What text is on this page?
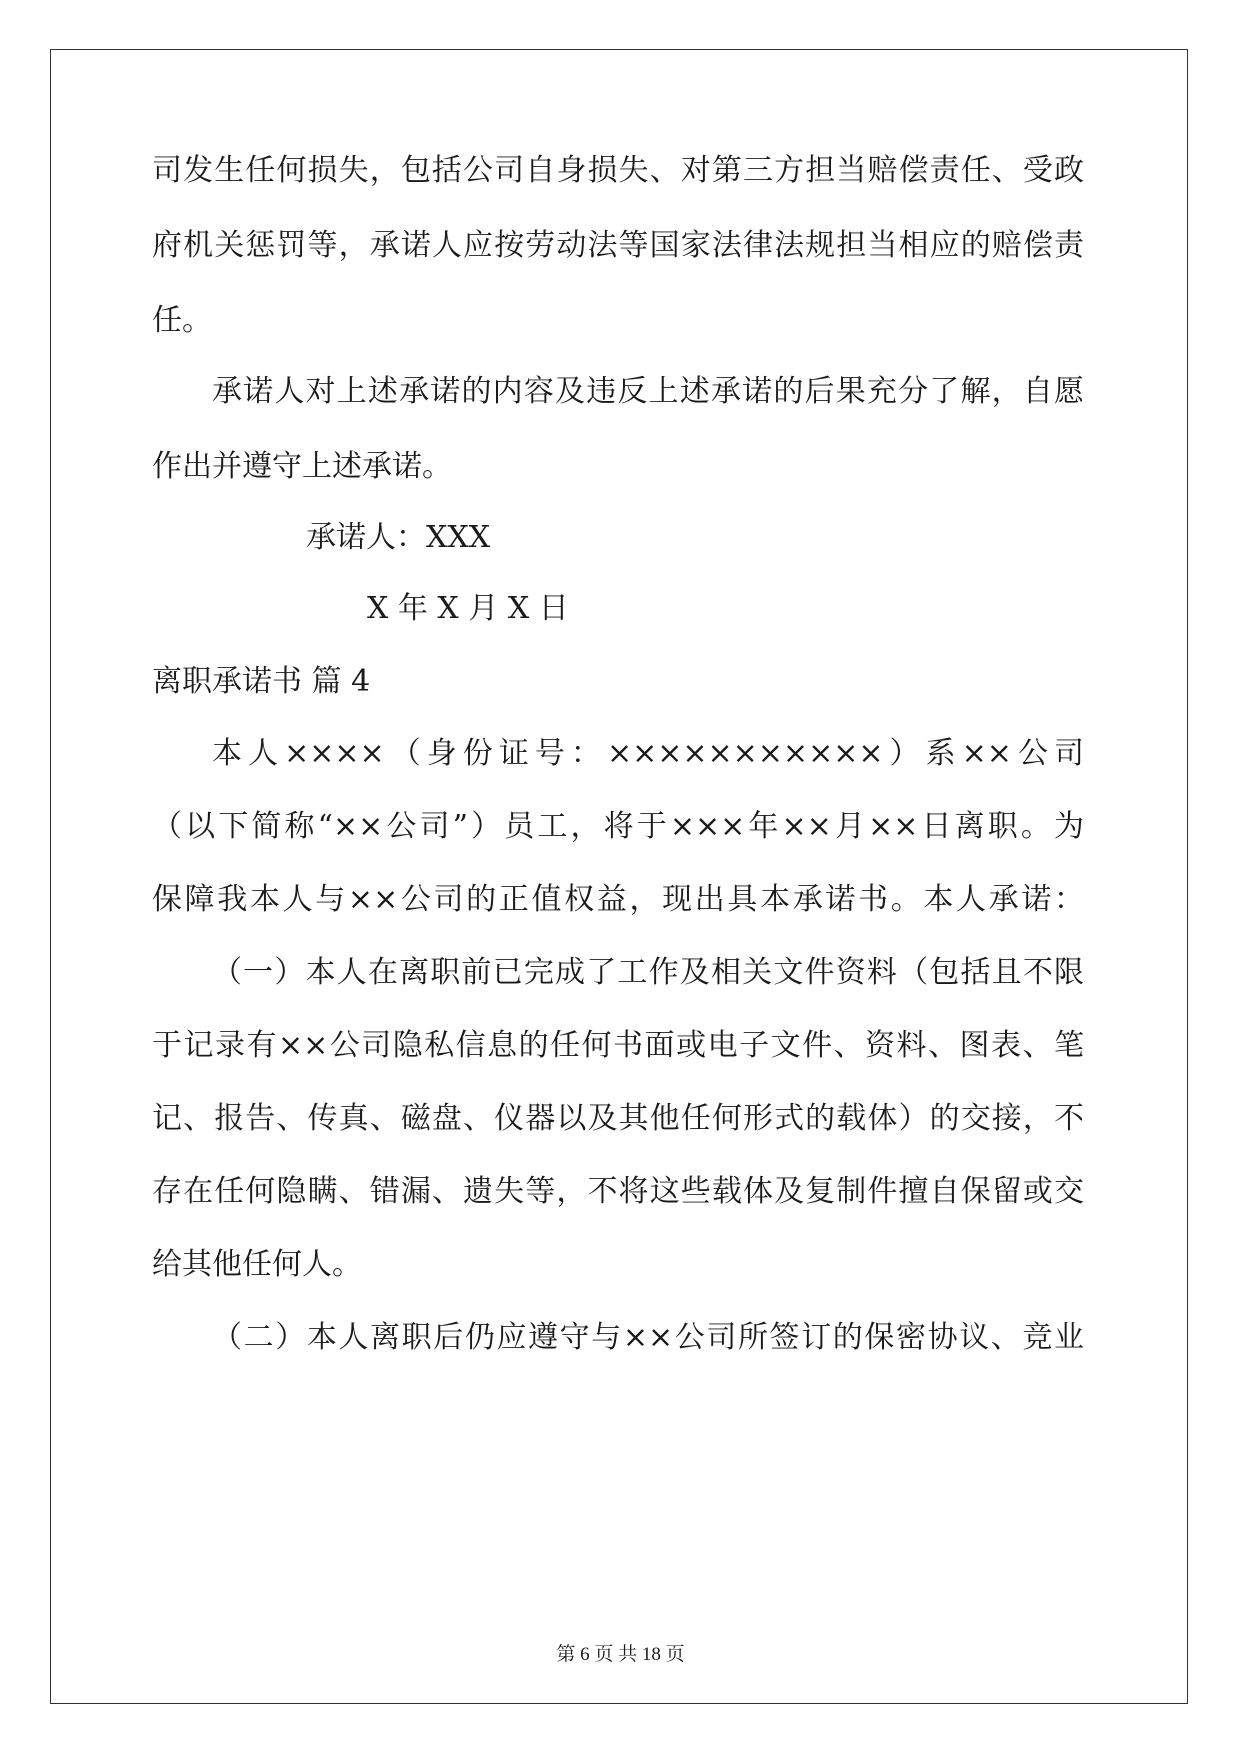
司发生任何损失，包括公司自身损失、对第三方担当赔偿责任、受政
府机关惩罚等，承诺人应按劳动法等国家法律法规担当相应的赔偿责
任。
承诺人对上述承诺的内容及违反上述承诺的后果充分了解，自愿
作出并遵守上述承诺。
承诺人：XXX
X 年 X 月 X 日
离职承诺书 篇 4
本人××××（身份证号：×××××××××××）系××公司
（以下简称“××公司”）员工，将于×××年××月××日离职。为
保障我本人与××公司的正值权益，现出具本承诺书。本人承诺：
（一）本人在离职前已完成了工作及相关文件资料（包括且不限
于记录有××公司隐私信息的任何书面或电子文件、资料、图表、笔
记、报告、传真、磁盘、仪器以及其他任何形式的载体）的交接，不
存在任何隐瞒、错漏、遗失等，不将这些载体及复制件擅自保留或交
给其他任何人。
（二）本人离职后仍应遵守与××公司所签订的保密协议、竞业
第 6 页 共 18 页
